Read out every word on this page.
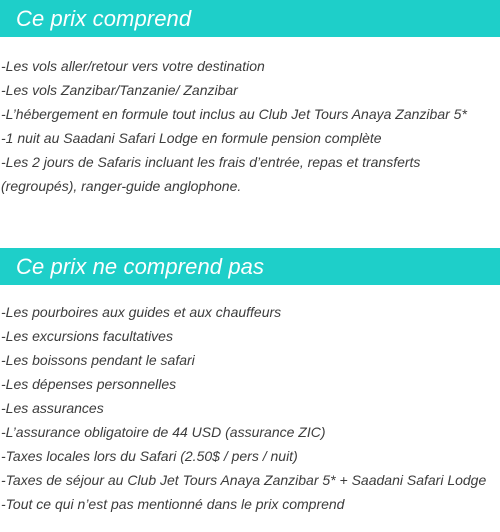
Ce prix comprend
-Les vols aller/retour vers votre destination
-Les vols Zanzibar/Tanzanie/ Zanzibar
-L’hébergement en formule tout inclus au Club Jet Tours Anaya Zanzibar 5*
-1 nuit au Saadani Safari Lodge en formule pension complète
-Les 2 jours de Safaris incluant les frais d’entrée, repas et transferts (regroupés), ranger-guide anglophone.
Ce prix ne comprend pas
-Les pourboires aux guides et aux chauffeurs
-Les excursions facultatives
-Les boissons pendant le safari
-Les dépenses personnelles
-Les assurances
-L’assurance obligatoire de 44 USD (assurance ZIC)
-Taxes locales lors du Safari (2.50$ / pers / nuit)
-Taxes de séjour au Club Jet Tours Anaya Zanzibar 5* + Saadani Safari Lodge
-Tout ce qui n’est pas mentionné dans le prix comprend
